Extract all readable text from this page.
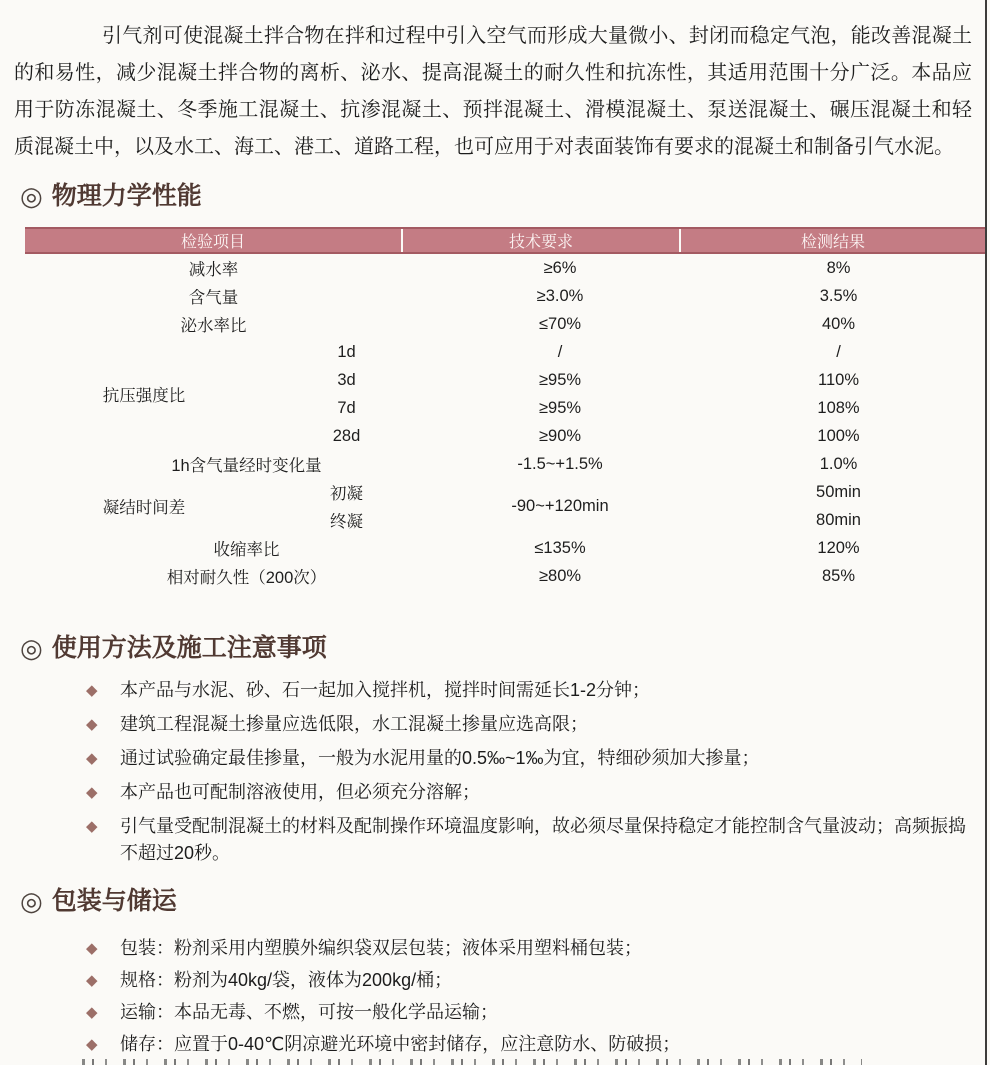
引气剂可使混凝土拌合物在拌和过程中引入空气而形成大量微小、封闭而稳定气泡，能改善混凝土的和易性，减少混凝土拌合物的离析、泌水、提高混凝土的耐久性和抗冻性，其适用范围十分广泛。本品应用于防冻混凝土、冬季施工混凝土、抗渗混凝土、预拌混凝土、滑模混凝土、泵送混凝土、碾压混凝土和轻质混凝土中，以及水工、海工、港工、道路工程，也可应用于对表面装饰有要求的混凝土和制备引气水泥。

◎ 物理力学性能
检验项目		技术要求	检测结果
减水率		≥6%	8%
含气量		≥3.0%	3.5%
泌水率比		≤70%	40%
抗压强度比	1d	/	/
	3d	≥95%	110%
	7d	≥95%	108%
	28d	≥90%	100%
1h含气量经时变化量		-1.5~+1.5%	1.0%
凝结时间差	初凝	-90~+120min	50min
	终凝		80min
收缩率比		≤135%	120%
相对耐久性（200次）		≥80%	85%
◎ 使用方法及施工注意事项
◆	本产品与水泥、砂、石一起加入搅拌机，搅拌时间需延长1-2分钟；
◆	建筑工程混凝土掺量应选低限，水工混凝土掺量应选高限；
◆	通过试验确定最佳掺量，一般为水泥用量的0.5‰~1‰为宜，特细砂须加大掺量；
◆	本产品也可配制溶液使用，但必须充分溶解；
◆	引气量受配制混凝土的材料及配制操作环境温度影响，故必须尽量保持稳定才能控制含气量波动；高频振捣不超过20秒。
◎ 包装与储运
◆	包装：粉剂采用内塑膜外编织袋双层包装；液体采用塑料桶包装；
◆	规格：粉剂为40kg/袋，液体为200kg/桶；
◆	运输：本品无毒、不燃，可按一般化学品运输；
◆	储存：应置于0-40℃阴凉避光环境中密封储存，应注意防水、防破损；
